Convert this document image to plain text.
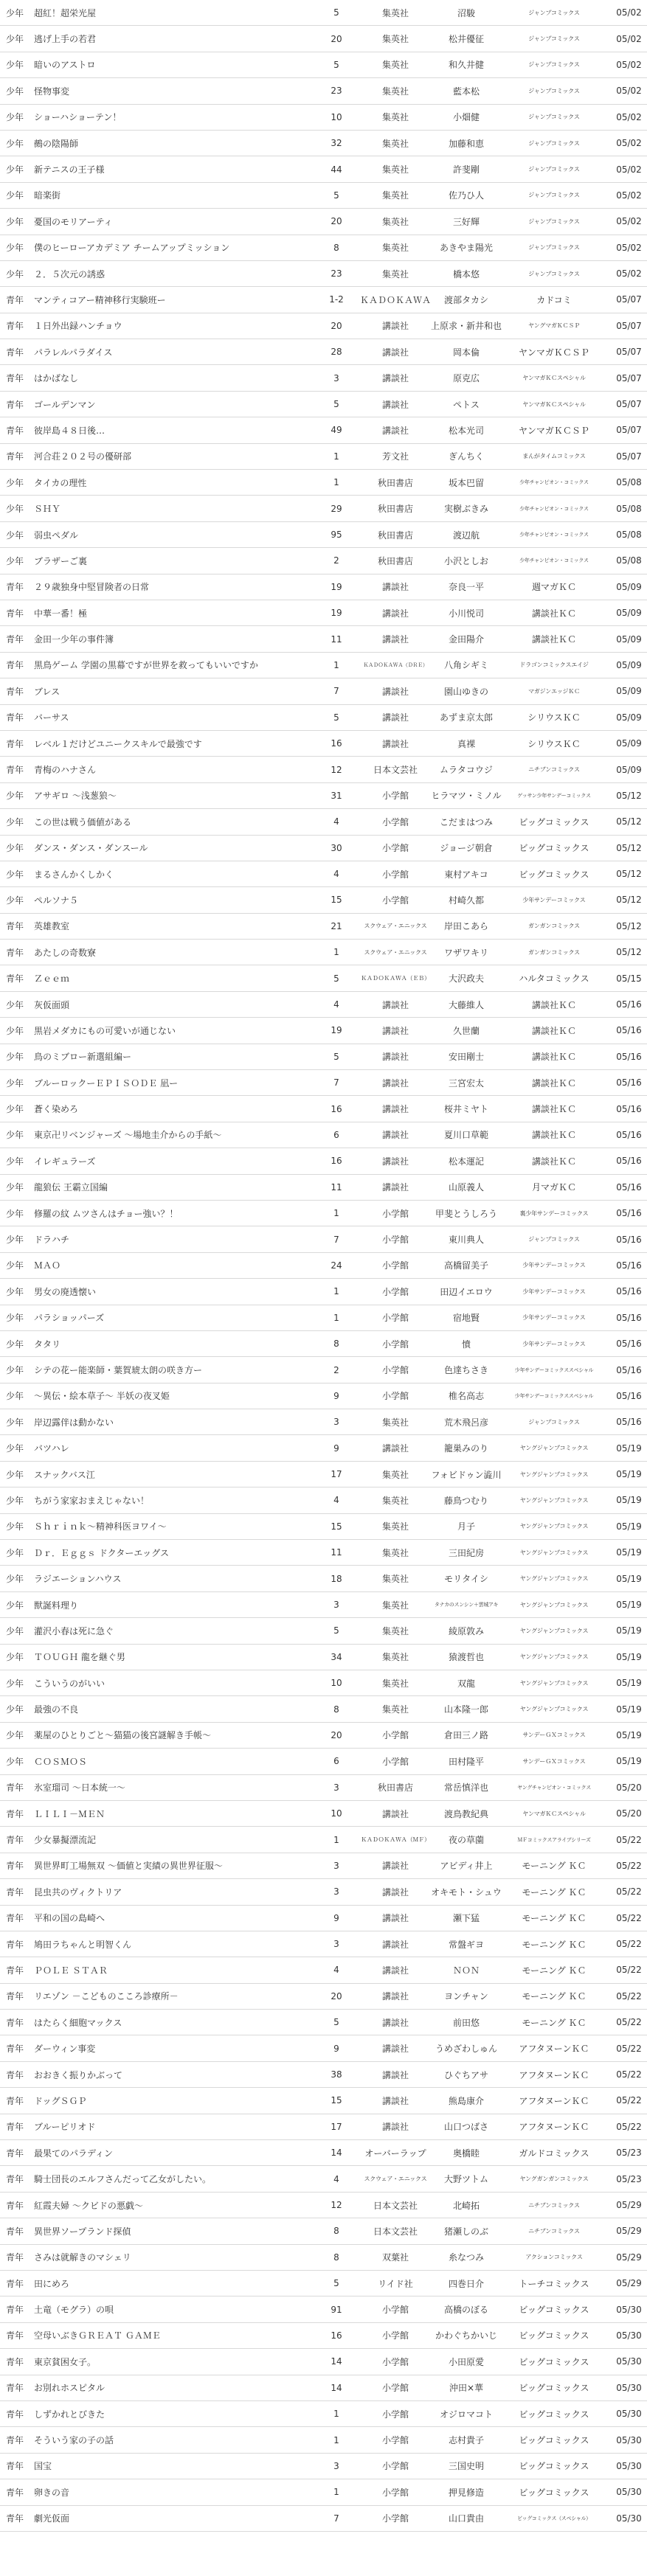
少年	超紅！超栄光屋	5	集英社	沼駿	ジャンプコミックス	05/02
少年	逃げ上手の若君	20	集英社	松井優征	ジャンプコミックス	05/02
少年	暗いのアストロ	5	集英社	和久井健	ジャンプコミックス	05/02
少年	怪物事変	23	集英社	藍本松	ジャンプコミックス	05/02
少年	ショーハショーテン！	10	集英社	小畑健	ジャンプコミックス	05/02
少年	鵺の陰陽師	32	集英社	加藤和恵	ジャンプコミックス	05/02
少年	新テニスの王子様	44	集英社	許斐剛	ジャンプコミックス	05/02
少年	暗楽街	5	集英社	佐乃ひ人	ジャンプコミックス	05/02
少年	憂国のモリアーティ	20	集英社	三好輝	ジャンプコミックス	05/02
少年	僕のヒーローアカデミア チームアップミッション	8	集英社	あきやま陽光	ジャンプコミックス	05/02
少年	２．５次元の誘惑	23	集英社	橋本悠	ジャンプコミックス	05/02
青年	マンティコアー精神移行実験班ー	1-2	ＫＡＤＯＫＡＷＡ	渡部タカシ	カドコミ	05/07
青年	１日外出録ハンチョウ	20	講談社	上原求・新井和也	ヤングマガＫＣＳＰ	05/07
青年	パラレルパラダイス	28	講談社	岡本倫	ヤンマガＫＣＳＰ	05/07
青年	はかばなし	3	講談社	原克広	ヤンマガＫＣスペシャル	05/07
青年	ゴールデンマン	5	講談社	ペトス	ヤンマガＫＣスペシャル	05/07
青年	彼岸島４８日後…	49	講談社	松本光司	ヤンマガＫＣＳＰ	05/07
青年	河合荘２０２号の優研部	1	芳文社	ぎんちく	まんがタイムコミックス	05/07
少年	タイカの理性	1	秋田書店	坂本巴留	少年チャンピオン・コミックス	05/08
少年	ＳＨＹ	29	秋田書店	実樹ぶきみ	少年チャンピオン・コミックス	05/08
少年	弱虫ペダル	95	秋田書店	渡辺航	少年チャンピオン・コミックス	05/08
少年	ブラザーご裏	2	秋田書店	小沢としお	少年チャンピオン・コミックス	05/08
青年	２９歳独身中堅冒険者の日常	19	講談社	奈良一平	週マガＫＣ	05/09
青年	中華一番！極	19	講談社	小川悦司	講談社ＫＣ	05/09
青年	金田一少年の事件簿	11	講談社	金田陽介	講談社ＫＣ	05/09
青年	黒鳥ゲーム 学園の黒幕ですが世界を救ってもいいですか	1	ＫＡＤＯＫＡＷＡ（ＤＲＥ）	八角シギミ	ドラゴンコミックスエイジ	05/09
青年	ブレス	7	講談社	園山ゆきの	マガジンエッジＫＣ	05/09
青年	バーサス	5	講談社	あずま京太郎	シリウスＫＣ	05/09
青年	レベル１だけどユニークスキルで最強です	16	講談社	真裸	シリウスＫＣ	05/09
青年	青梅のハナさん	12	日本文芸社	ムラタコウジ	ニチブンコミックス	05/09
少年	アサギロ ～浅葱狼～	31	小学館	ヒラマツ・ミノル	ゲッサン少年サンデーコミックス	05/12
少年	この世は戦う価値がある	4	小学館	こだまはつみ	ビッグコミックス	05/12
少年	ダンス・ダンス・ダンスール	30	小学館	ジョージ朝倉	ビッグコミックス	05/12
少年	まるさんかくしかく	4	小学館	東村アキコ	ビッグコミックス	05/12
少年	ペルソナ５	15	小学館	村崎久都	少年サンデーコミックス	05/12
青年	英雄教室	21	スクウェア・エニックス	岸田こあら	ガンガンコミックス	05/12
青年	あたしの奇数寮	1	スクウェア・エニックス	ワザワキリ	ガンガンコミックス	05/12
青年	Ｚｅｅｍ	5	ＫＡＤＯＫＡＷＡ（ＥＢ）	大沢政夫	ハルタコミックス	05/15
少年	灰仮面頭	4	講談社	大藤維人	講談社ＫＣ	05/16
少年	黒岩メダカにもの可愛いが通じない	19	講談社	久世蘭	講談社ＫＣ	05/16
少年	鳥のミブロー新選組編ー	5	講談社	安田剛士	講談社ＫＣ	05/16
少年	ブルーロックーＥＰＩＳＯＤＥ 凪ー	7	講談社	三宮宏太	講談社ＫＣ	05/16
少年	蒼く染めろ	16	講談社	桜井ミヤト	講談社ＫＣ	05/16
少年	東京卍リベンジャーズ ～場地圭介からの手紙～	6	講談社	夏川口草範	講談社ＫＣ	05/16
少年	イレギュラーズ	16	講談社	松本運記	講談社ＫＣ	05/16
少年	龍狼伝 王霸立国編	11	講談社	山原義人	月マガＫＣ	05/16
少年	修羅の紋 ムツさんはチョー強い？！	1	小学館	甲斐とうしろう	裏少年サンデーコミックス	05/16
少年	ドラハチ	7	小学館	東川典人	ジャンプコミックス	05/16
少年	ＭＡＯ	24	小学館	高橋留美子	少年サンデーコミックス	05/16
少年	男女の廃透懐い	1	小学館	田辺イエロウ	少年サンデーコミックス	05/16
少年	パラショッパーズ	1	小学館	宿地賢	少年サンデーコミックス	05/16
少年	タタリ	8	小学館	憤	少年サンデーコミックス	05/16
少年	シテの花ー能楽師・葉賀琥太朗の咲き方ー	2	小学館	色達ちさき	少年サンデーコミックススペシャル	05/16
少年	～異伝・絵本草子～ 半妖の夜叉姫	9	小学館	椎名高志	少年サンデーコミックススペシャル	05/16
少年	岸辺露伴は動かない	3	集英社	荒木飛呂彦	ジャンプコミックス	05/16
少年	バツハレ	9	講談社	籠巣みのり	ヤングジャンプコミックス	05/19
少年	スナックバス江	17	集英社	フォビドゥン澁川	ヤングジャンプコミックス	05/19
少年	ちがう家家おまえじゃない！	4	集英社	藤鳥つむり	ヤングジャンプコミックス	05/19
少年	Ｓｈｒｉｎｋ～精神科医ヨワイ～	15	集英社	月子	ヤングジャンプコミックス	05/19
少年	Ｄｒ．Ｅｇｇｓ ドクターエッグス	11	集英社	三田紀房	ヤングジャンプコミックス	05/19
少年	ラジエーションハウス	18	集英社	モリタイシ	ヤングジャンプコミックス	05/19
少年	獣誕料理り	3	集英社	タナカのスンシン＋雲城アキ	ヤングジャンプコミックス	05/19
少年	灌沢小春は死に急ぐ	5	集英社	綾原敦み	ヤングジャンプコミックス	05/19
少年	ＴＯＵＧＨ 龍を継ぐ男	34	集英社	猿渡哲也	ヤングジャンプコミックス	05/19
少年	こういうのがいい	10	集英社	双龍	ヤングジャンプコミックス	05/19
少年	最強の不良	8	集英社	山本隆一郎	ヤングジャンプコミックス	05/19
少年	薬屋のひとりごと～猫猫の後宮謎解き手帳～	20	小学館	倉田三ノ路	サンデーＧＸコミックス	05/19
少年	ＣＯＳＭＯＳ	6	小学館	田村隆平	サンデーＧＸコミックス	05/19
青年	氷室瑠司 ～日本統一～	3	秋田書店	常岳慎洋也	ヤングチャンピオン・コミックス	05/20
青年	ＬＩＬＩ－ＭＥＮ	10	講談社	渡鳥教紀典	ヤンマガＫＣスペシャル	05/20
青年	少女暴擬漂流記	1	ＫＡＤＯＫＡＷＡ（ＭＦ）	夜の草薗	ＭＦコミックスアライブシリーズ	05/22
青年	異世界町工場無双 ～価値と実績の異世界征服～	3	講談社	アビディ井上	モーニング ＫＣ	05/22
青年	昆虫共のヴィクトリア	3	講談社	オキモト・シュウ	モーニング ＫＣ	05/22
青年	平和の国の島崎へ	9	講談社	瀬下猛	モーニング ＫＣ	05/22
青年	鳩田ラちゃんと明智くん	3	講談社	常盤ギヨ	モーニング ＫＣ	05/22
青年	ＰＯＬＥ ＳＴＡＲ	4	講談社	ＮＯＮ	モーニング ＫＣ	05/22
青年	リエゾン －こどものこころ診療所－	20	講談社	ヨンチャン	モーニング ＫＣ	05/22
青年	はたらく細胞マックス	5	講談社	前田悠	モーニング ＫＣ	05/22
青年	ダーウィン事変	9	講談社	うめざわしゅん	アフタヌーンＫＣ	05/22
青年	おおきく振りかぶって	38	講談社	ひぐちアサ	アフタヌーンＫＣ	05/22
青年	ドッグＳＧＰ	15	講談社	熊島康介	アフタヌーンＫＣ	05/22
青年	ブルーピリオド	17	講談社	山口つばさ	アフタヌーンＫＣ	05/22
青年	最果てのパラディン	14	オーバーラップ	奥橋睦	ガルドコミックス	05/23
青年	騎士団長のエルフさんだって乙女がしたい。	4	スクウェア・エニックス	大野ツトム	ヤングガンガンコミックス	05/23
青年	紅霞夫婦 ～クビドの悪戯～	12	日本文芸社	北崎拓	ニチブンコミックス	05/29
青年	異世界ソープランド探偵	8	日本文芸社	猪瀬しのぶ	ニチブンコミックス	05/29
青年	さみは就解きのマシェリ	8	双葉社	糸なつみ	アクションコミックス	05/29
青年	田にめろ	5	リイド社	四巻日介	トーチコミックス	05/29
青年	土竜（モグラ）の唄	91	小学館	高橋のぼる	ビッグコミックス	05/30
青年	空母いぶきＧＲＥＡＴ ＧＡＭＥ	16	小学館	かわぐちかいじ	ビッグコミックス	05/30
青年	東京貧困女子。	14	小学館	小田原愛	ビッグコミックス	05/30
青年	お別れホスピタル	14	小学館	沖田×華	ビッグコミックス	05/30
青年	しずかれとびきた	1	小学館	オジロマコト	ビッグコミックス	05/30
青年	そういう家の子の話	1	小学館	志村貴子	ビッグコミックス	05/30
青年	国宝	3	小学館	三国史明	ビッグコミックス	05/30
青年	卵きの音	1	小学館	押見修造	ビッグコミックス	05/30
青年	劇光仮面	7	小学館	山口貴由	ビッグコミックス（スペシャル）	05/30
